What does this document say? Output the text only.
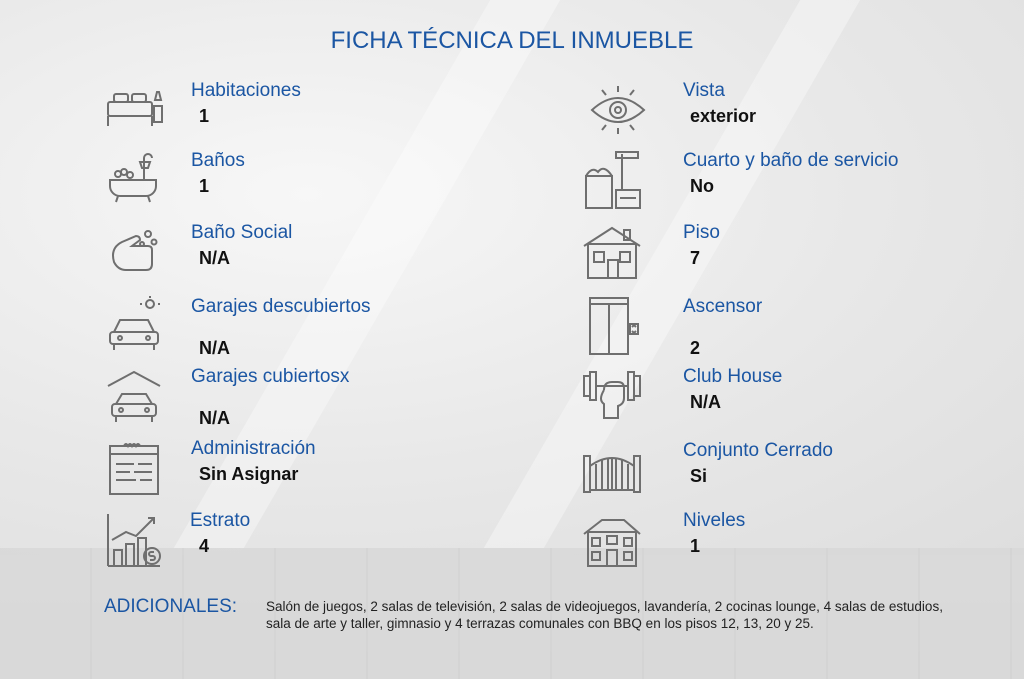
FICHA TÉCNICA DEL INMUEBLE
Habitaciones
1
Baños
1
Baño Social
N/A
Garajes descubiertos
N/A
Garajes cubiertosx
N/A
Administración
Sin Asignar
Estrato
4
Vista
exterior
Cuarto y baño de servicio
No
Piso
7
Ascensor
2
Club House
N/A
Conjunto Cerrado
Si
Niveles
1
ADICIONALES: Salón de juegos, 2 salas de televisión, 2 salas de videojuegos, lavandería, 2 cocinas lounge, 4 salas de estudios, sala de arte y taller, gimnasio y 4 terrazas comunales con BBQ en los pisos 12, 13, 20 y 25.
